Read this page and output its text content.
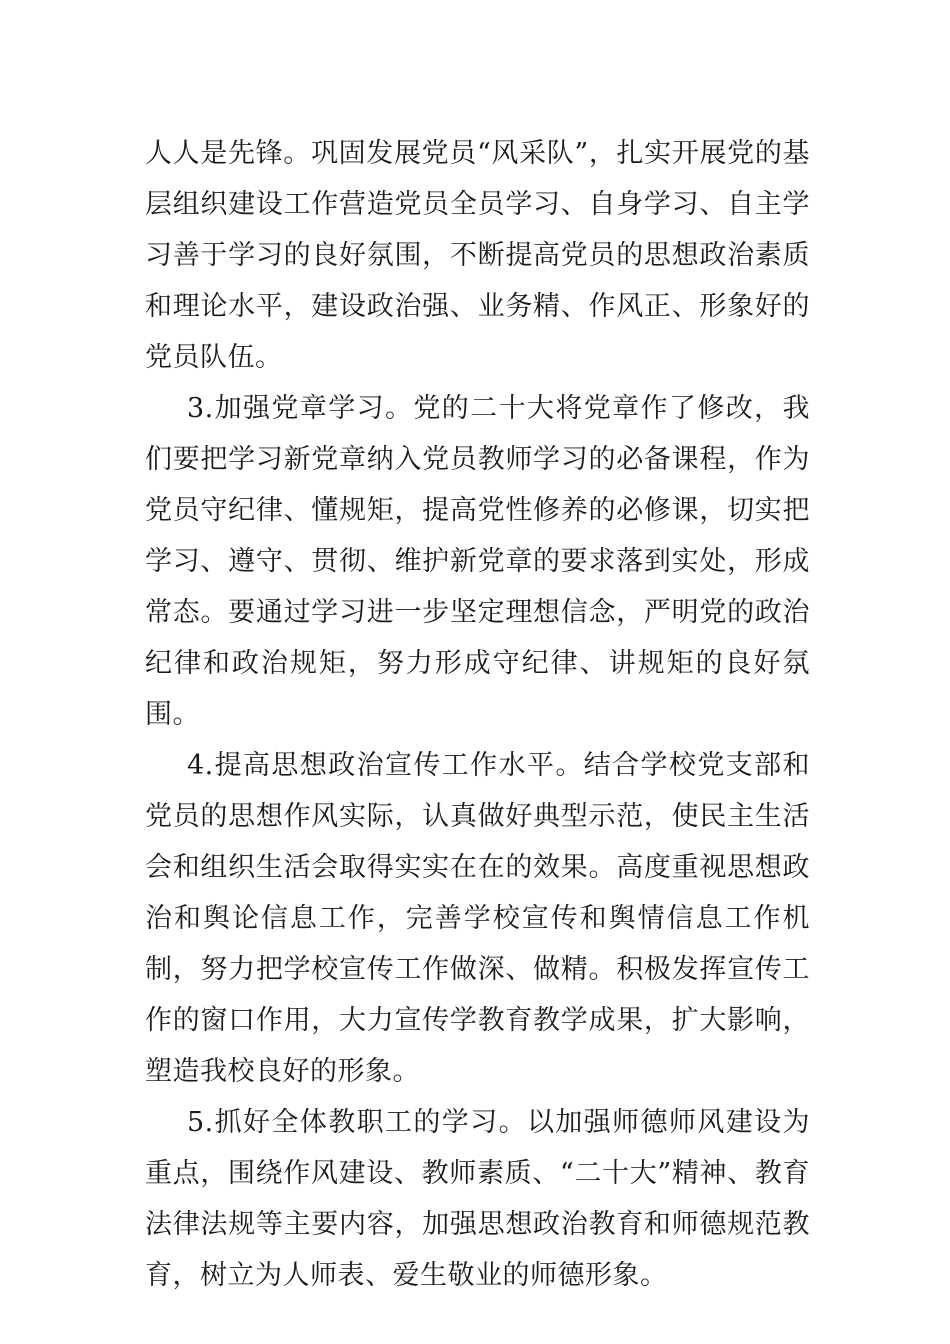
人人是先锋。巩固发展党员“风采队”，扎实开展党的基层组织建设工作营造党员全员学习、自身学习、自主学习善于学习的良好氛围，不断提高党员的思想政治素质和理论水平，建设政治强、业务精、作风正、形象好的党员队伍。

3.加强党章学习。党的二十大将党章作了修改，我们要把学习新党章纳入党员教师学习的必备课程，作为党员守纪律、懂规矩，提高党性修养的必修课，切实把学习、遵守、贯彻、维护新党章的要求落到实处，形成常态。要通过学习进一步坚定理想信念，严明党的政治纪律和政治规矩，努力形成守纪律、讲规矩的良好氛围。

4.提高思想政治宣传工作水平。结合学校党支部和党员的思想作风实际，认真做好典型示范，使民主生活会和组织生活会取得实实在在的效果。高度重视思想政治和舆论信息工作，完善学校宣传和舆情信息工作机制，努力把学校宣传工作做深、做精。积极发挥宣传工作的窗口作用，大力宣传学教育教学成果，扩大影响，塑造我校良好的形象。

5.抓好全体教职工的学习。以加强师德师风建设为重点，围绕作风建设、教师素质、“二十大”精神、教育法律法规等主要内容，加强思想政治教育和师德规范教育，树立为人师表、爱生敬业的师德形象。
